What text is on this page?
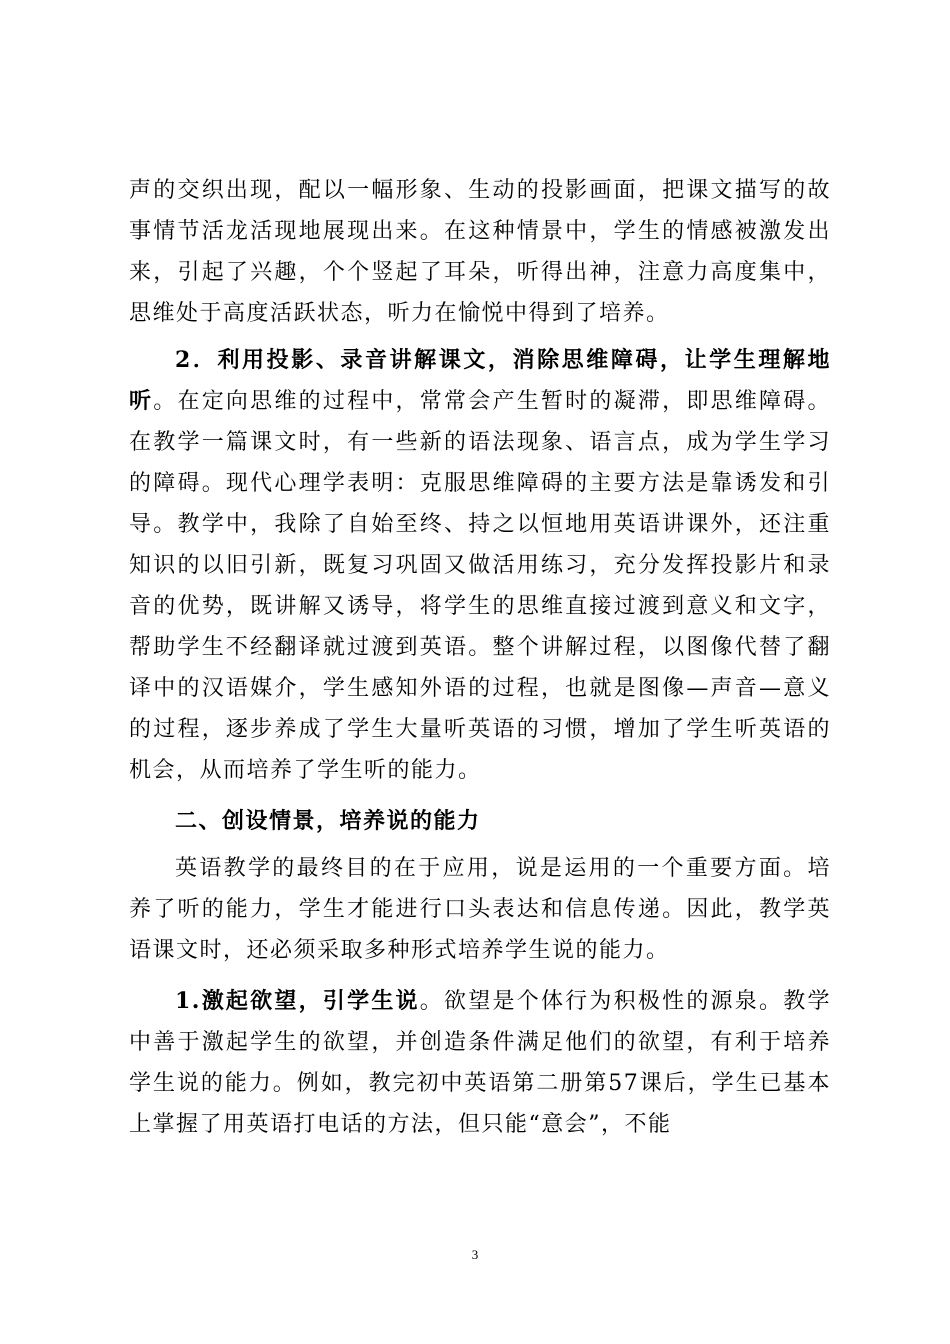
声的交织出现，配以一幅形象、生动的投影画面，把课文描写的故事情节活龙活现地展现出来。在这种情景中，学生的情感被激发出来，引起了兴趣，个个竖起了耳朵，听得出神，注意力高度集中，思维处于高度活跃状态，听力在愉悦中得到了培养。

2．利用投影、录音讲解课文，消除思维障碍，让学生理解地听。在定向思维的过程中，常常会产生暂时的凝滞，即思维障碍。在教学一篇课文时，有一些新的语法现象、语言点，成为学生学习的障碍。现代心理学表明：克服思维障碍的主要方法是靠诱发和引导。教学中，我除了自始至终、持之以恒地用英语讲课外，还注重知识的以旧引新，既复习巩固又做活用练习，充分发挥投影片和录音的优势，既讲解又诱导，将学生的思维直接过渡到意义和文字，帮助学生不经翻译就过渡到英语。整个讲解过程，以图像代替了翻译中的汉语媒介，学生感知外语的过程，也就是图像—声音—意义的过程，逐步养成了学生大量听英语的习惯，增加了学生听英语的机会，从而培养了学生听的能力。

二、创设情景，培养说的能力

英语教学的最终目的在于应用，说是运用的一个重要方面。培养了听的能力，学生才能进行口头表达和信息传递。因此，教学英语课文时，还必须采取多种形式培养学生说的能力。

1.激起欲望，引学生说。欲望是个体行为积极性的源泉。教学中善于激起学生的欲望，并创造条件满足他们的欲望，有利于培养学生说的能力。例如，教完初中英语第二册第57课后，学生已基本上掌握了用英语打电话的方法，但只能“意会”，不能

3
